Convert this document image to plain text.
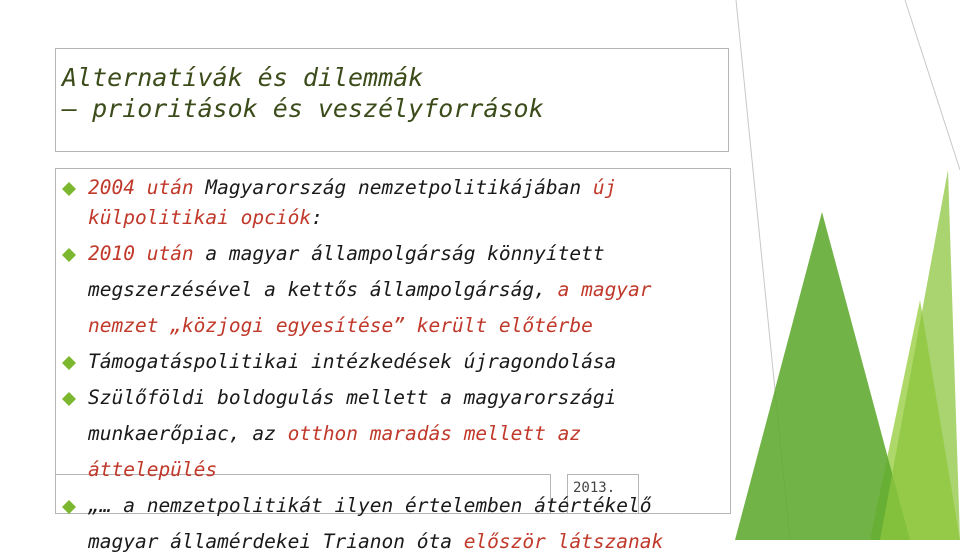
Alternatívák és dilemmák
– prioritások és veszélyforrások
2004 után Magyarország nemzetpolitikájában új
külpolitikai opciók:
2010 után a magyar állampolgárság könnyített
megszerzésével a kettős állampolgárság, a magyar
nemzet „közjogi egyesítése” került előtérbe
Támogatáspolitikai intézkedések újragondolása
Szülőföldi boldogulás mellett a magyarországi
munkaerőpiac, az otthon maradás mellett az
áttelepülés
„… a nemzetpolitikát ilyen értelemben átértékelő
magyar államérdekei Trianon óta először látszanak
2013.
